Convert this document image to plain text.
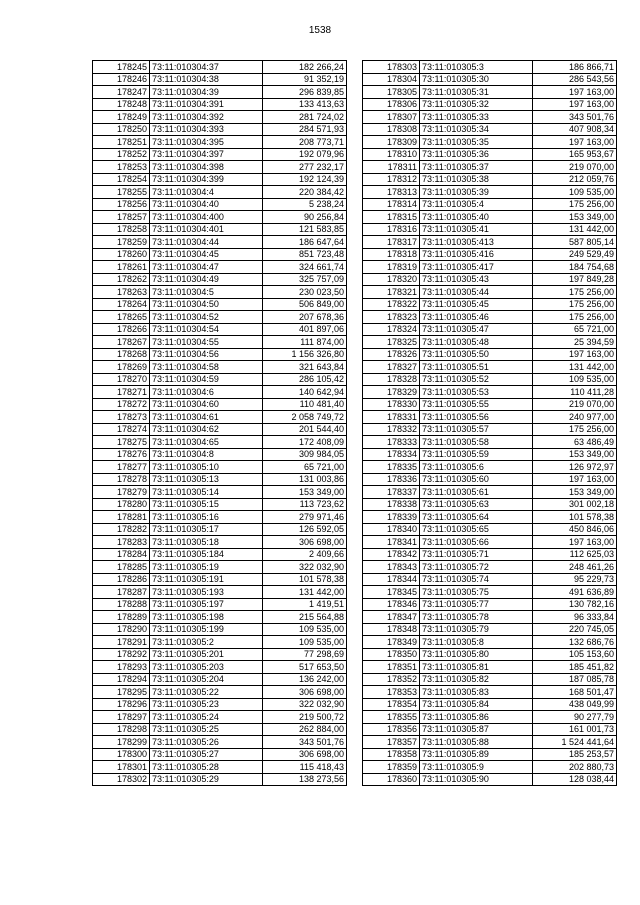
1538
178245	73:11:010304:37	182 266,24
178246	73:11:010304:38	91 352,19
178247	73:11:010304:39	296 839,85
178248	73:11:010304:391	133 413,63
178249	73:11:010304:392	281 724,02
178250	73:11:010304:393	284 571,93
178251	73:11:010304:395	208 773,71
178252	73:11:010304:397	192 079,96
178253	73:11:010304:398	277 232,17
178254	73:11:010304:399	192 124,39
178255	73:11:010304:4	220 384,42
178256	73:11:010304:40	5 238,24
178257	73:11:010304:400	90 256,84
178258	73:11:010304:401	121 583,85
178259	73:11:010304:44	186 647,64
178260	73:11:010304:45	851 723,48
178261	73:11:010304:47	324 661,74
178262	73:11:010304:49	325 757,09
178263	73:11:010304:5	230 023,50
178264	73:11:010304:50	506 849,00
178265	73:11:010304:52	207 678,36
178266	73:11:010304:54	401 897,06
178267	73:11:010304:55	111 874,00
178268	73:11:010304:56	1 156 326,80
178269	73:11:010304:58	321 643,84
178270	73:11:010304:59	286 105,42
178271	73:11:010304:6	140 642,94
178272	73:11:010304:60	110 481,40
178273	73:11:010304:61	2 058 749,72
178274	73:11:010304:62	201 544,40
178275	73:11:010304:65	172 408,09
178276	73:11:010304:8	309 984,05
178277	73:11:010305:10	65 721,00
178278	73:11:010305:13	131 003,86
178279	73:11:010305:14	153 349,00
178280	73:11:010305:15	113 723,62
178281	73:11:010305:16	279 971,46
178282	73:11:010305:17	126 592,05
178283	73:11:010305:18	306 698,00
178284	73:11:010305:184	2 409,66
178285	73:11:010305:19	322 032,90
178286	73:11:010305:191	101 578,38
178287	73:11:010305:193	131 442,00
178288	73:11:010305:197	1 419,51
178289	73:11:010305:198	215 564,88
178290	73:11:010305:199	109 535,00
178291	73:11:010305:2	109 535,00
178292	73:11:010305:201	77 298,69
178293	73:11:010305:203	517 653,50
178294	73:11:010305:204	136 242,00
178295	73:11:010305:22	306 698,00
178296	73:11:010305:23	322 032,90
178297	73:11:010305:24	219 500,72
178298	73:11:010305:25	262 884,00
178299	73:11:010305:26	343 501,76
178300	73:11:010305:27	306 698,00
178301	73:11:010305:28	115 418,43
178302	73:11:010305:29	138 273,56
178303	73:11:010305:3	186 866,71
178304	73:11:010305:30	286 543,56
178305	73:11:010305:31	197 163,00
178306	73:11:010305:32	197 163,00
178307	73:11:010305:33	343 501,76
178308	73:11:010305:34	407 908,34
178309	73:11:010305:35	197 163,00
178310	73:11:010305:36	165 953,67
178311	73:11:010305:37	219 070,00
178312	73:11:010305:38	212 059,76
178313	73:11:010305:39	109 535,00
178314	73:11:010305:4	175 256,00
178315	73:11:010305:40	153 349,00
178316	73:11:010305:41	131 442,00
178317	73:11:010305:413	587 805,14
178318	73:11:010305:416	249 529,49
178319	73:11:010305:417	184 754,68
178320	73:11:010305:43	197 849,28
178321	73:11:010305:44	175 256,00
178322	73:11:010305:45	175 256,00
178323	73:11:010305:46	175 256,00
178324	73:11:010305:47	65 721,00
178325	73:11:010305:48	25 394,59
178326	73:11:010305:50	197 163,00
178327	73:11:010305:51	131 442,00
178328	73:11:010305:52	109 535,00
178329	73:11:010305:53	110 411,28
178330	73:11:010305:55	219 070,00
178331	73:11:010305:56	240 977,00
178332	73:11:010305:57	175 256,00
178333	73:11:010305:58	63 486,49
178334	73:11:010305:59	153 349,00
178335	73:11:010305:6	126 972,97
178336	73:11:010305:60	197 163,00
178337	73:11:010305:61	153 349,00
178338	73:11:010305:63	301 002,18
178339	73:11:010305:64	101 578,38
178340	73:11:010305:65	450 846,06
178341	73:11:010305:66	197 163,00
178342	73:11:010305:71	112 625,03
178343	73:11:010305:72	248 461,26
178344	73:11:010305:74	95 229,73
178345	73:11:010305:75	491 636,89
178346	73:11:010305:77	130 782,16
178347	73:11:010305:78	96 333,84
178348	73:11:010305:79	220 745,05
178349	73:11:010305:8	132 686,76
178350	73:11:010305:80	105 153,60
178351	73:11:010305:81	185 451,82
178352	73:11:010305:82	187 085,78
178353	73:11:010305:83	168 501,47
178354	73:11:010305:84	438 049,99
178355	73:11:010305:86	90 277,79
178356	73:11:010305:87	161 001,73
178357	73:11:010305:88	1 524 441,64
178358	73:11:010305:89	185 253,57
178359	73:11:010305:9	202 880,73
178360	73:11:010305:90	128 038,44
